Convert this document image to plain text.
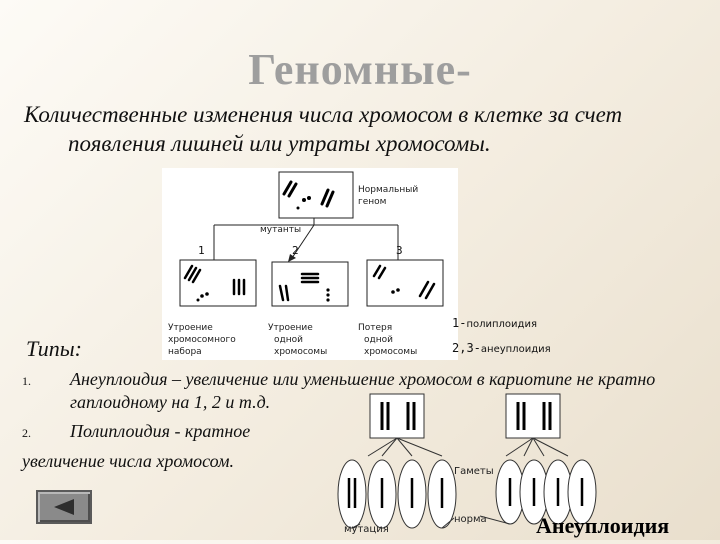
Геномные-

Количественные изменения числа хромосом в клетке за счет
появления лишней или утраты хромосомы.

Нормальный
геном
мутанты
1	2	3
Утроение
хромосомного
набора
Утроение
одной
хромосомы
Потеря
одной
хромосомы
1-полиплоидия
2,3-анеуплоидия
Типы:
1. Анеуплоидия – увеличение или уменьшение хромосом в кариотипе не кратно
гаплоидному на 1, 2 и т.д.
2. Полиплоидия - кратное
увеличение числа хромосом.
Гаметы
мутация
норма Анеуплоидия
